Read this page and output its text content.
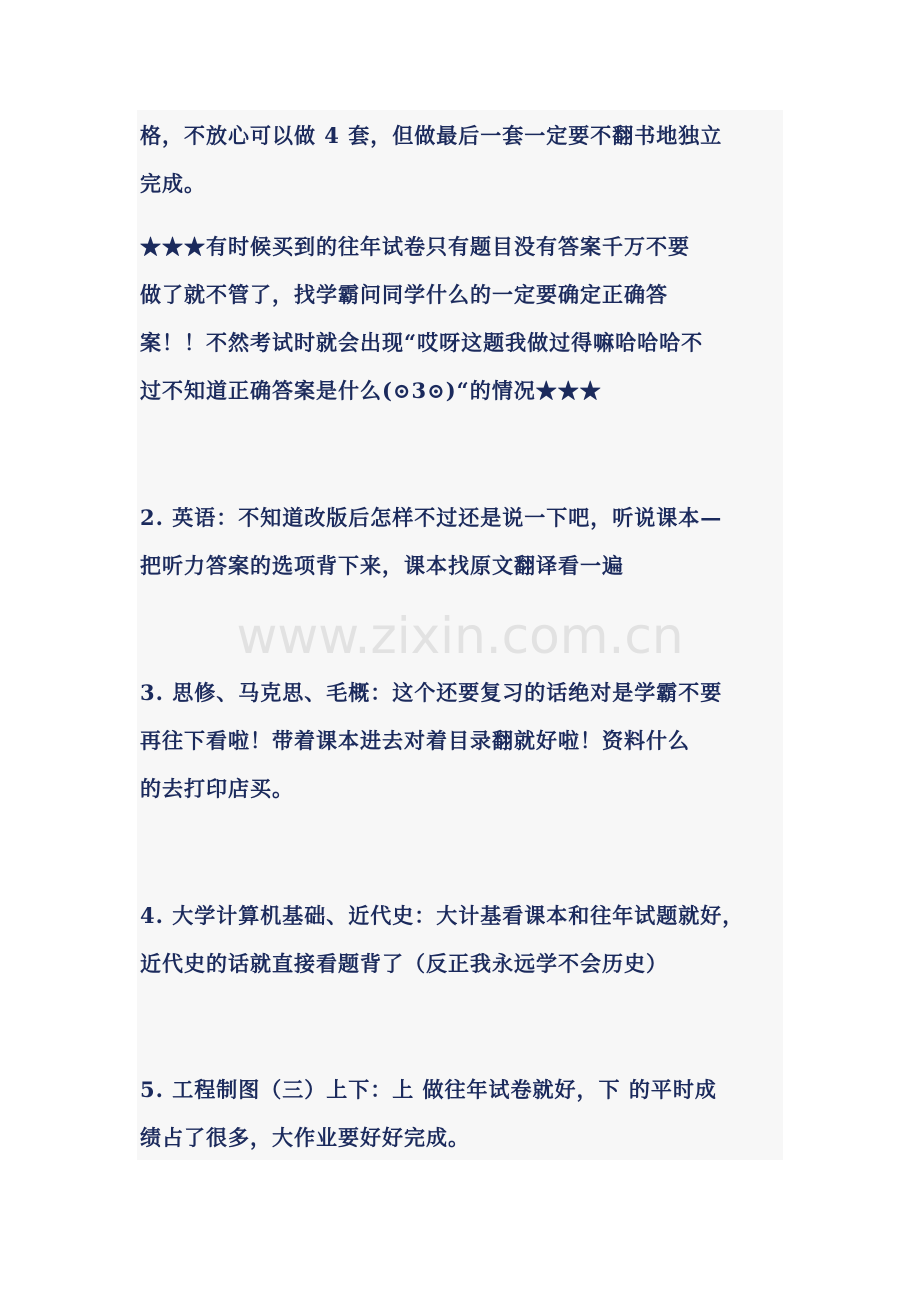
www.zixin.com.cn
格，不放心可以做 4 套，但做最后一套一定要不翻书地独立
完成。
★★★有时候买到的往年试卷只有题目没有答案千万不要
做了就不管了，找学霸问同学什么的一定要确定正确答
案！！不然考试时就会出现“哎呀这题我做过得嘛哈哈哈不
过不知道正确答案是什么(⊙3⊙)“的情况★★★
2. 英语：不知道改版后怎样不过还是说一下吧，听说课本—
把听力答案的选项背下来，课本找原文翻译看一遍
3. 思修、马克思、毛概：这个还要复习的话绝对是学霸不要
再往下看啦！带着课本进去对着目录翻就好啦！资料什么
的去打印店买。
4. 大学计算机基础、近代史：大计基看课本和往年试题就好，
近代史的话就直接看题背了（反正我永远学不会历史）
5. 工程制图（三）上下：上 做往年试卷就好，下 的平时成
绩占了很多，大作业要好好完成。
